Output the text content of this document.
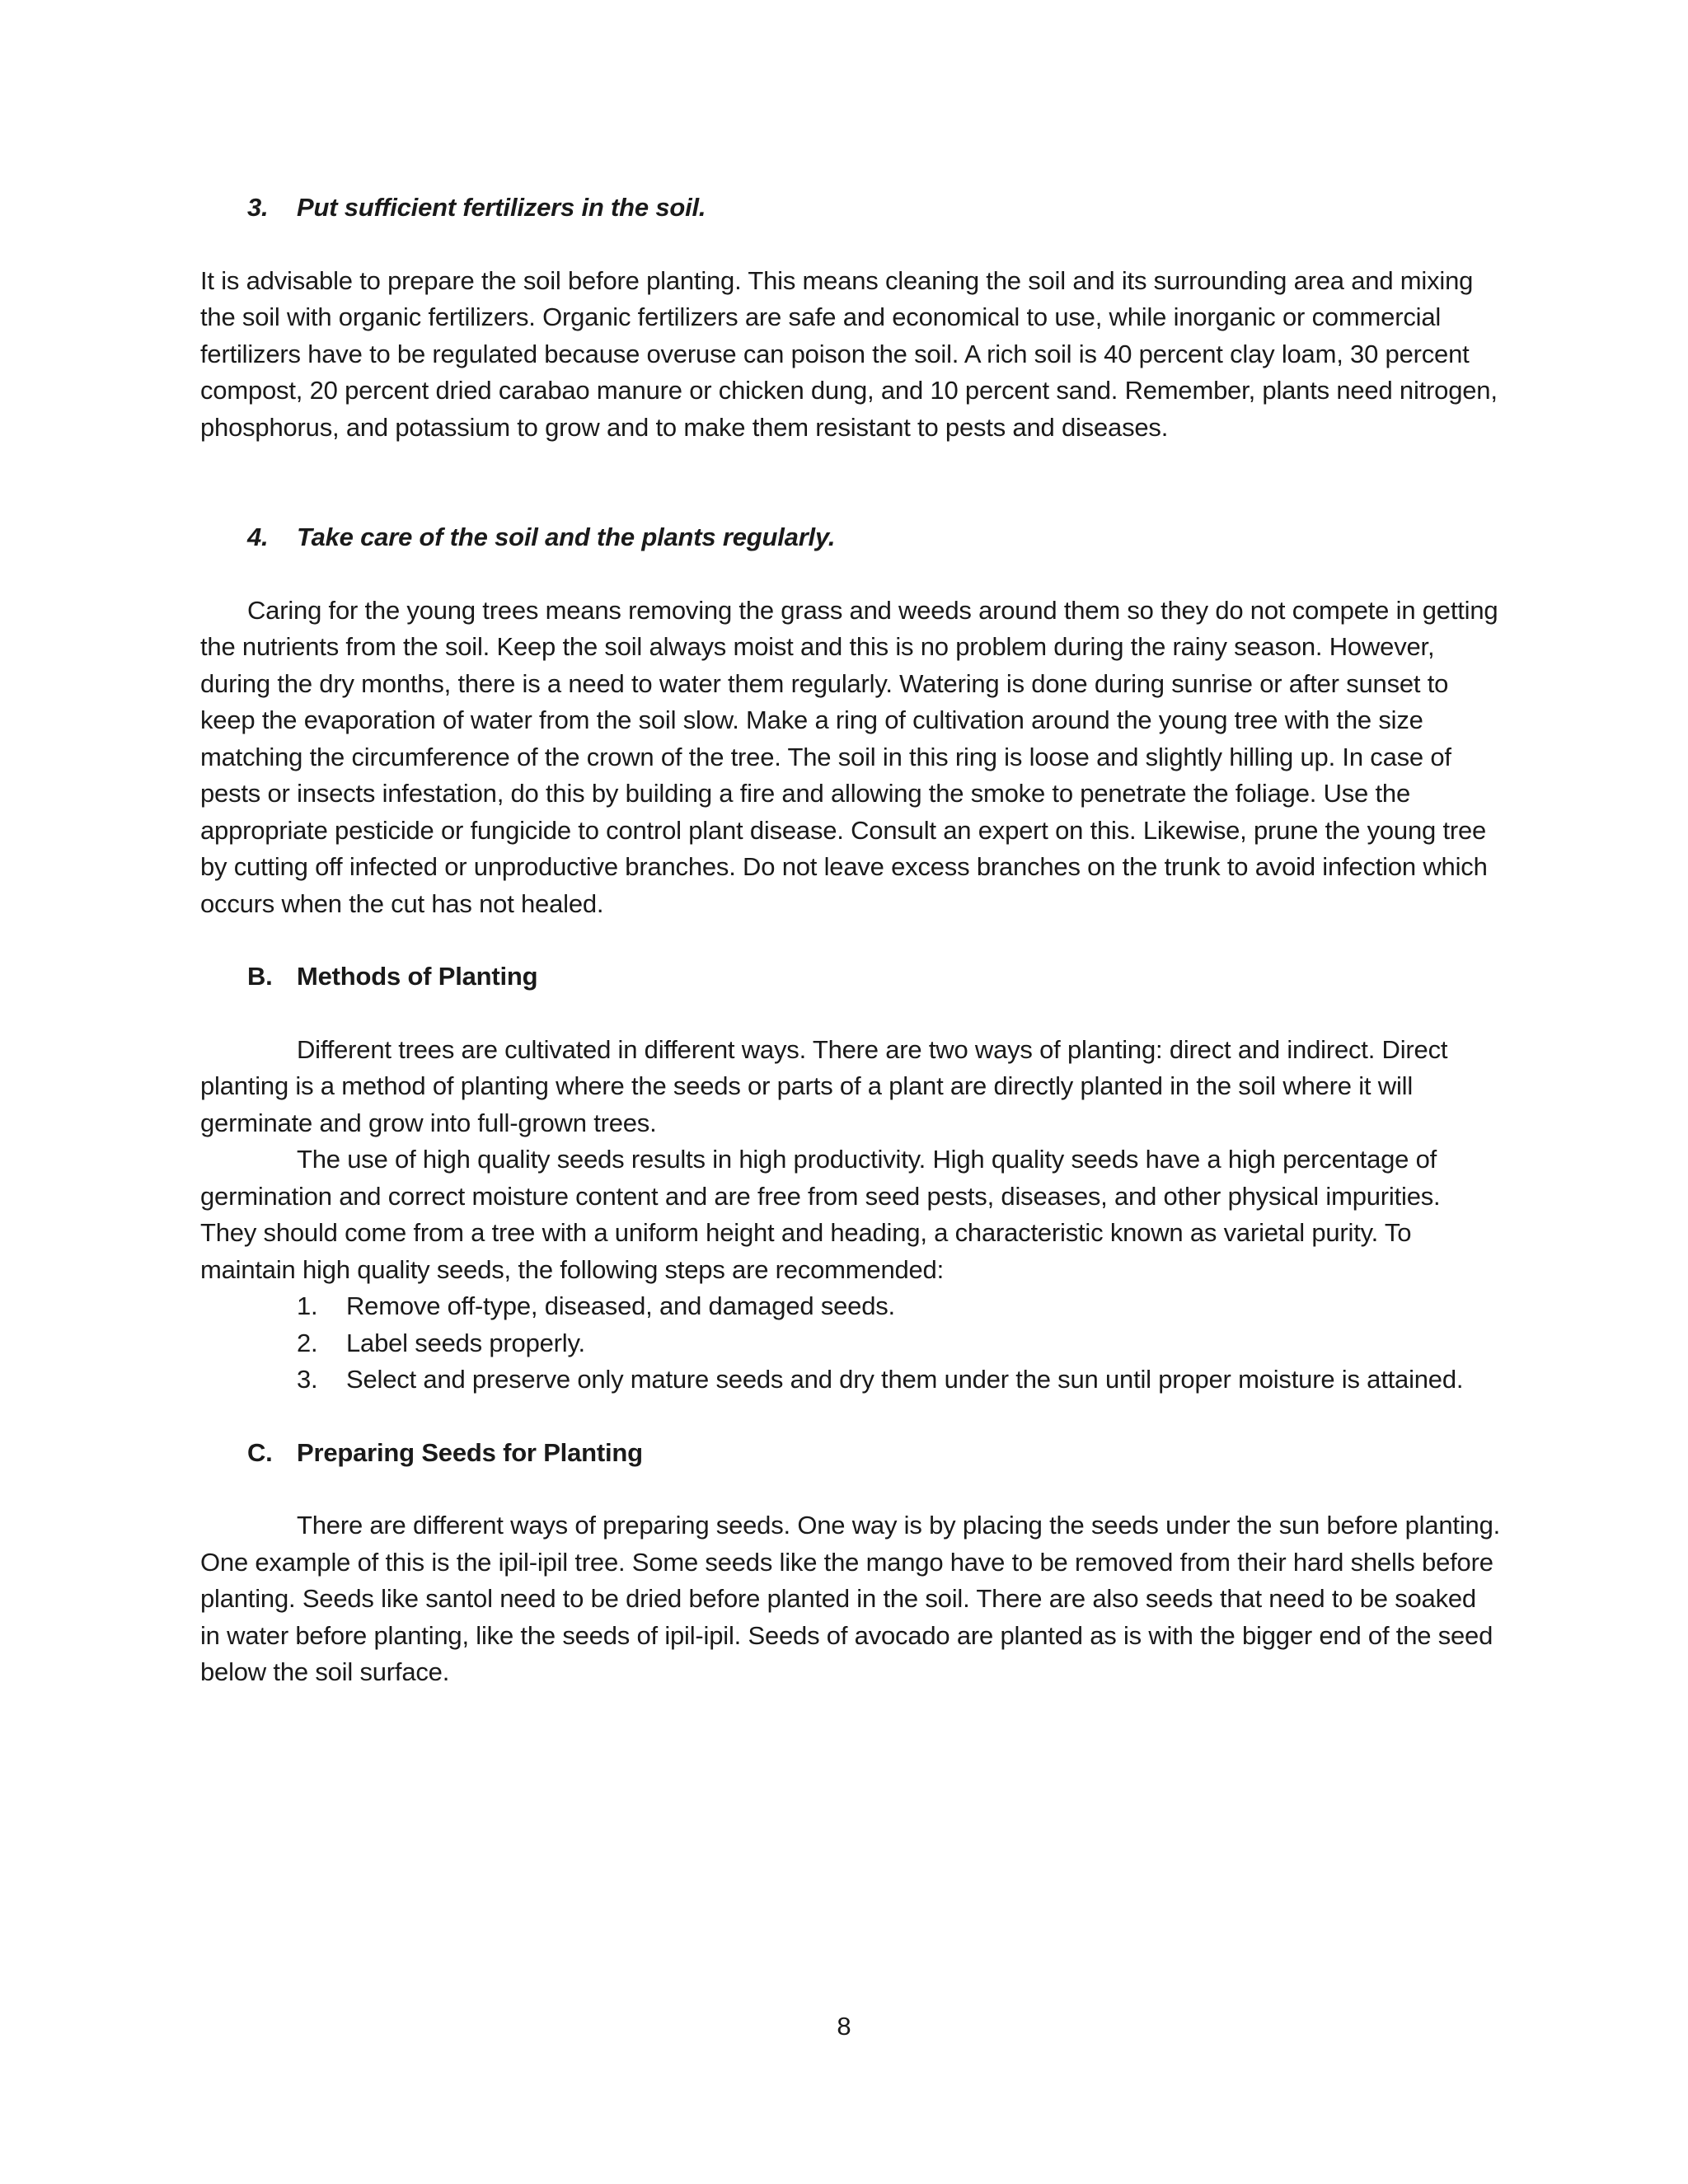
3.	Put sufficient fertilizers in the soil.

It is advisable to prepare the soil before planting. This means cleaning the soil and its surrounding area and mixing the soil with organic fertilizers. Organic fertilizers are safe and economical to use, while inorganic or commercial fertilizers have to be regulated because overuse can poison the soil. A rich soil is 40 percent clay loam, 30 percent compost, 20 percent dried carabao manure or chicken dung, and 10 percent sand. Remember, plants need nitrogen, phosphorus, and potassium to grow and to make them resistant to pests and diseases.

4.	Take care of the soil and the plants regularly.

Caring for the young trees means removing the grass and weeds around them so they do not compete in getting the nutrients from the soil. Keep the soil always moist and this is no problem during the rainy season. However, during the dry months, there is a need to water them regularly. Watering is done during sunrise or after sunset to keep the evaporation of water from the soil slow. Make a ring of cultivation around the young tree with the size matching the circumference of the crown of the tree. The soil in this ring is loose and slightly hilling up. In case of pests or insects infestation, do this by building a fire and allowing the smoke to penetrate the foliage. Use the appropriate pesticide or fungicide to control plant disease. Consult an expert on this. Likewise, prune the young tree by cutting off infected or unproductive branches. Do not leave excess branches on the trunk to avoid infection which occurs when the cut has not healed.

B. Methods of Planting

Different trees are cultivated in different ways. There are two ways of planting: direct and indirect. Direct planting is a method of planting where the seeds or parts of a plant are directly planted in the soil where it will germinate and grow into full-grown trees.

The use of high quality seeds results in high productivity. High quality seeds have a high percentage of germination and correct moisture content and are free from seed pests, diseases, and other physical impurities. They should come from a tree with a uniform height and heading, a characteristic known as varietal purity. To maintain high quality seeds, the following steps are recommended:

1.	Remove off-type, diseased, and damaged seeds.
2.	Label seeds properly.
3.	Select and preserve only mature seeds and dry them under the sun until proper moisture is attained.
C. Preparing Seeds for Planting

There are different ways of preparing seeds. One way is by placing the seeds under the sun before planting. One example of this is the ipil-ipil tree. Some seeds like the mango have to be removed from their hard shells before planting. Seeds like santol need to be dried before planted in the soil. There are also seeds that need to be soaked in water before planting, like the seeds of ipil-ipil. Seeds of avocado are planted as is with the bigger end of the seed below the soil surface.

8
